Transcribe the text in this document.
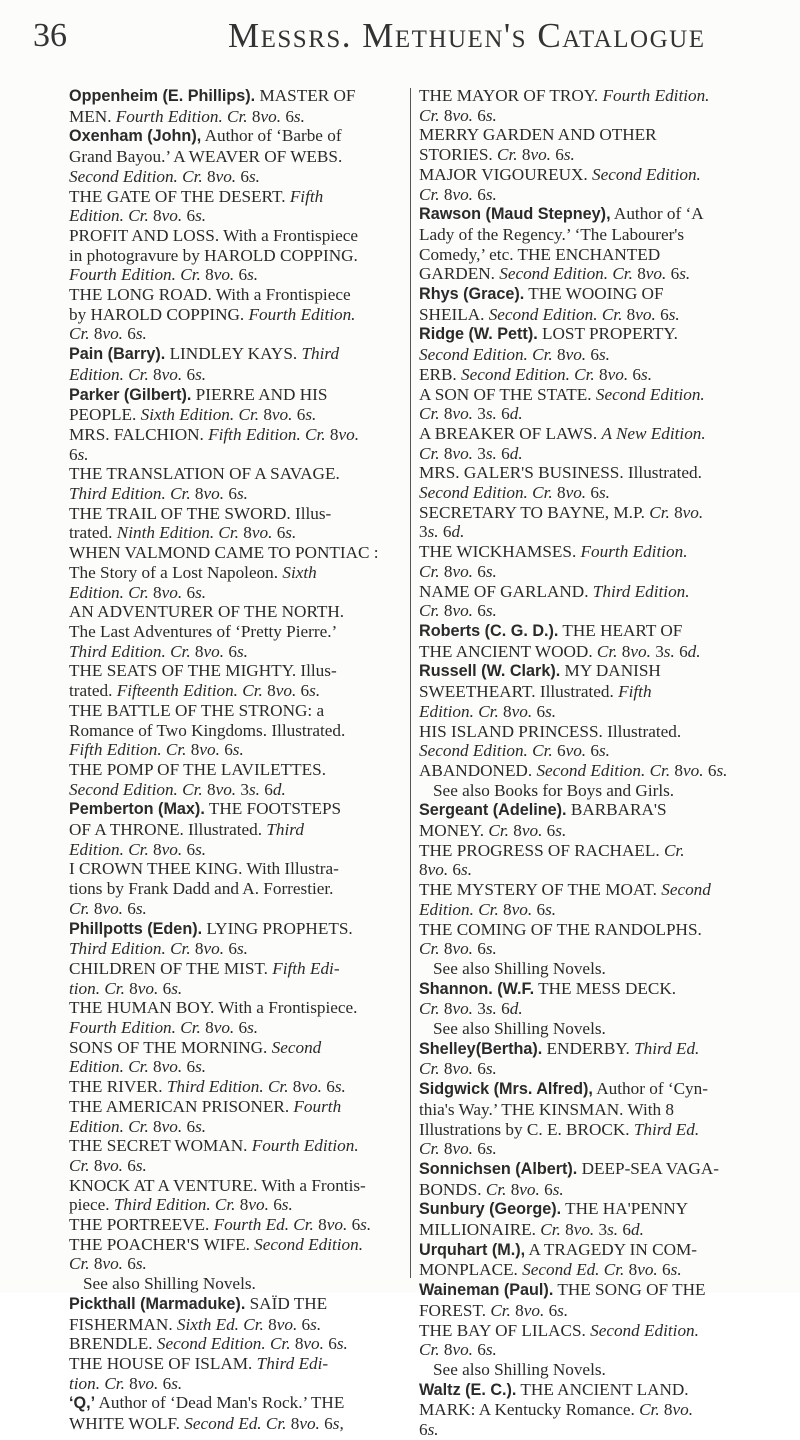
36	Messrs. Methuen's Catalogue
Oppenheim (E. Phillips). MASTER OF
MEN. Fourth Edition. Cr. 8vo. 6s.
Oxenham (John), Author of ‘Barbe of
Grand Bayou.’ A WEAVER OF WEBS.
Second Edition. Cr. 8vo. 6s.
THE GATE OF THE DESERT. Fifth
Edition. Cr. 8vo. 6s.
PROFIT AND LOSS. With a Frontispiece
in photogravure by HAROLD COPPING.
Fourth Edition. Cr. 8vo. 6s.
THE LONG ROAD. With a Frontispiece
by HAROLD COPPING. Fourth Edition.
Cr. 8vo. 6s.
Pain (Barry). LINDLEY KAYS. Third
Edition. Cr. 8vo. 6s.
Parker (Gilbert). PIERRE AND HIS
PEOPLE. Sixth Edition. Cr. 8vo. 6s.
MRS. FALCHION. Fifth Edition. Cr. 8vo.
6s.
THE TRANSLATION OF A SAVAGE.
Third Edition. Cr. 8vo. 6s.
THE TRAIL OF THE SWORD. Illus-
trated. Ninth Edition. Cr. 8vo. 6s.
WHEN VALMOND CAME TO PONTIAC :
The Story of a Lost Napoleon. Sixth
Edition. Cr. 8vo. 6s.
AN ADVENTURER OF THE NORTH.
The Last Adventures of ‘Pretty Pierre.’
Third Edition. Cr. 8vo. 6s.
THE SEATS OF THE MIGHTY. Illus-
trated. Fifteenth Edition. Cr. 8vo. 6s.
THE BATTLE OF THE STRONG: a
Romance of Two Kingdoms. Illustrated.
Fifth Edition. Cr. 8vo. 6s.
THE POMP OF THE LAVILETTES.
Second Edition. Cr. 8vo. 3s. 6d.
Pemberton (Max). THE FOOTSTEPS
OF A THRONE. Illustrated. Third
Edition. Cr. 8vo. 6s.
I CROWN THEE KING. With Illustra-
tions by Frank Dadd and A. Forrestier.
Cr. 8vo. 6s.
Phillpotts (Eden). LYING PROPHETS.
Third Edition. Cr. 8vo. 6s.
CHILDREN OF THE MIST. Fifth Edi-
tion. Cr. 8vo. 6s.
THE HUMAN BOY. With a Frontispiece.
Fourth Edition. Cr. 8vo. 6s.
SONS OF THE MORNING. Second
Edition. Cr. 8vo. 6s.
THE RIVER. Third Edition. Cr. 8vo. 6s.
THE AMERICAN PRISONER. Fourth
Edition. Cr. 8vo. 6s.
THE SECRET WOMAN. Fourth Edition.
Cr. 8vo. 6s.
KNOCK AT A VENTURE. With a Frontis-
piece. Third Edition. Cr. 8vo. 6s.
THE PORTREEVE. Fourth Ed. Cr. 8vo. 6s.
THE POACHER'S WIFE. Second Edition.
Cr. 8vo. 6s.
See also Shilling Novels.
Pickthall (Marmaduke). SAÏD THE
FISHERMAN. Sixth Ed. Cr. 8vo. 6s.
BRENDLE. Second Edition. Cr. 8vo. 6s.
THE HOUSE OF ISLAM. Third Edi-
tion. Cr. 8vo. 6s.
‘Q,’ Author of ‘Dead Man's Rock.’ THE
WHITE WOLF. Second Ed. Cr. 8vo. 6s,
THE MAYOR OF TROY. Fourth Edition.
Cr. 8vo. 6s.
MERRY GARDEN AND OTHER
STORIES. Cr. 8vo. 6s.
MAJOR VIGOUREUX. Second Edition.
Cr. 8vo. 6s.
Rawson (Maud Stepney), Author of ‘A
Lady of the Regency.’ ‘The Labourer's
Comedy,’ etc. THE ENCHANTED
GARDEN. Second Edition. Cr. 8vo. 6s.
Rhys (Grace). THE WOOING OF
SHEILA. Second Edition. Cr. 8vo. 6s.
Ridge (W. Pett). LOST PROPERTY.
Second Edition. Cr. 8vo. 6s.
ERB. Second Edition. Cr. 8vo. 6s.
A SON OF THE STATE. Second Edition.
Cr. 8vo. 3s. 6d.
A BREAKER OF LAWS. A New Edition.
Cr. 8vo. 3s. 6d.
MRS. GALER'S BUSINESS. Illustrated.
Second Edition. Cr. 8vo. 6s.
SECRETARY TO BAYNE, M.P. Cr. 8vo.
3s. 6d.
THE WICKHAMSES. Fourth Edition.
Cr. 8vo. 6s.
NAME OF GARLAND. Third Edition.
Cr. 8vo. 6s.
Roberts (C. G. D.). THE HEART OF
THE ANCIENT WOOD. Cr. 8vo. 3s. 6d.
Russell (W. Clark). MY DANISH
SWEETHEART. Illustrated. Fifth
Edition. Cr. 8vo. 6s.
HIS ISLAND PRINCESS. Illustrated.
Second Edition. Cr. 6vo. 6s.
ABANDONED. Second Edition. Cr. 8vo. 6s.
See also Books for Boys and Girls.
Sergeant (Adeline). BARBARA'S
MONEY. Cr. 8vo. 6s.
THE PROGRESS OF RACHAEL. Cr.
8vo. 6s.
THE MYSTERY OF THE MOAT. Second
Edition. Cr. 8vo. 6s.
THE COMING OF THE RANDOLPHS.
Cr. 8vo. 6s.
See also Shilling Novels.
Shannon. (W.F. THE MESS DECK.
Cr. 8vo. 3s. 6d.
See also Shilling Novels.
Shelley(Bertha). ENDERBY. Third Ed.
Cr. 8vo. 6s.
Sidgwick (Mrs. Alfred), Author of ‘Cyn-
thia's Way.’ THE KINSMAN. With 8
Illustrations by C. E. BROCK. Third Ed.
Cr. 8vo. 6s.
Sonnichsen (Albert). DEEP-SEA VAGA-
BONDS. Cr. 8vo. 6s.
Sunbury (George). THE HA'PENNY
MILLIONAIRE. Cr. 8vo. 3s. 6d.
Urquhart (M.), A TRAGEDY IN COM-
MONPLACE. Second Ed. Cr. 8vo. 6s.
Waineman (Paul). THE SONG OF THE
FOREST. Cr. 8vo. 6s.
THE BAY OF LILACS. Second Edition.
Cr. 8vo. 6s.
See also Shilling Novels.
Waltz (E. C.). THE ANCIENT LAND.
MARK: A Kentucky Romance. Cr. 8vo.
6s.
